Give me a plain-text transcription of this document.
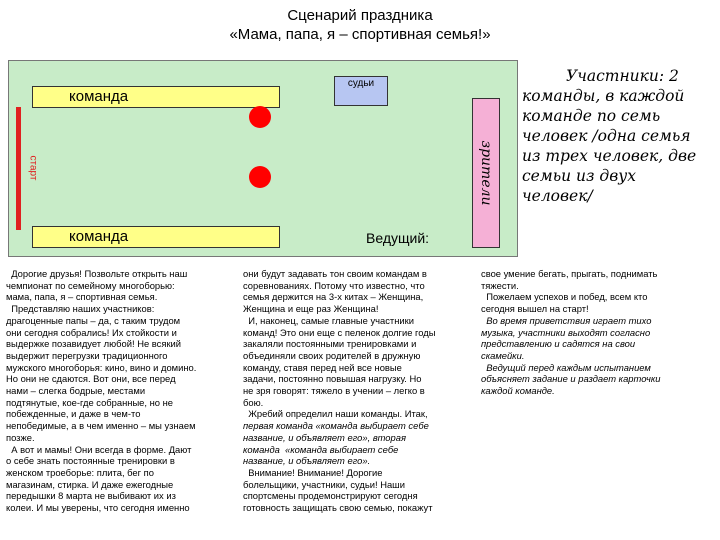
Сценарий праздника
«Мама, папа, я – спортивная семья!»
старт
команда
команда
судьи
зрители
Ведущий:
Участники: 2
команды, в каждой
команде по семь
человек /одна семья
из трех человек, две
семьи из двух
человек/
Дорогие друзья! Позвольте открыть наш
чемпионат по семейному многоборью:
мама, папа, я – спортивная семья.
Представляю наших участников:
драгоценные папы – да, с таким трудом
они сегодня собрались! Их стойкости и
выдержке позавидует любой! Не всякий
выдержит перегрузки традиционного
мужского многоборья: кино, вино и домино.
Но они не сдаются. Вот они, все перед
нами – слегка бодрые, местами
подтянутые, кое-где собранные, но не
побежденные, и даже в чем-то
непобедимые, а в чем именно – мы узнаем
позже.
А вот и мамы! Они всегда в форме. Дают
о себе знать постоянные тренировки в
женском троеборье: плита, бег по
магазинам, стирка. И даже ежегодные
передышки 8 марта не выбивают их из
колеи. И мы уверены, что сегодня именно
они будут задавать тон своим командам в
соревнованиях. Потому что известно, что
семья держится на 3-х китах – Женщина,
Женщина и еще раз Женщина!
И, наконец, самые главные участники
команд! Это они еще с пеленок долгие годы
закаляли постоянными тренировками и
объединяли своих родителей в дружную
команду, ставя перед ней все новые
задачи, постоянно повышая нагрузку. Но
не зря говорят: тяжело в учении – легко в
бою.
Жребий определил наши команды. Итак,
первая команда «команда выбирает себе
название, и объявляет его», вторая
команда  «команда выбирает себе
название, и объявляет его».
Внимание! Внимание! Дорогие
болельщики, участники, судьи! Наши
спортсмены продемонстрируют сегодня
готовность защищать свою семью, покажут
свое умение бегать, прыгать, поднимать
тяжести.
Пожелаем успехов и побед, всем кто
сегодня вышел на старт!
Во время приветствия играет тихо
музыка, участники выходят согласно
представлению и садятся на свои
скамейки.
Ведущий перед каждым испытанием
объясняет задание и раздает карточки
каждой команде.
